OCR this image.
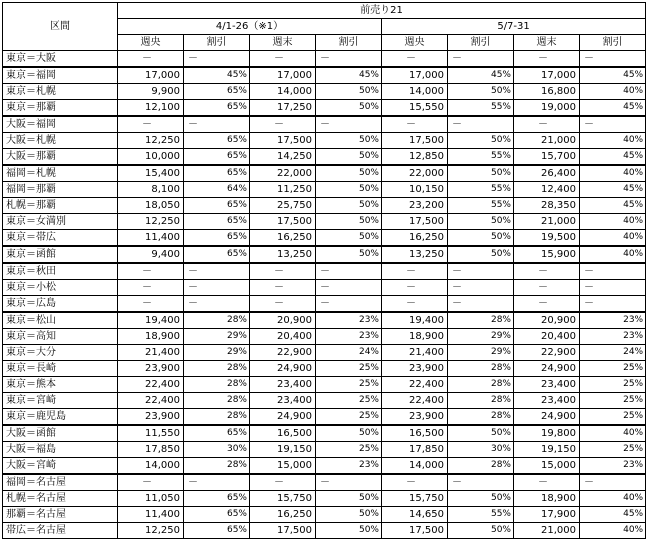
区間	前売り21							
	4/1-26（※1）				5/7-31			
	週央	割引	週末	割引	週央	割引	週末	割引
東京＝大阪	－	－	－	－	－	－	－	－
東京＝福岡	17,000	45%	17,000	45%	17,000	45%	17,000	45%
東京＝札幌	9,900	65%	14,000	50%	14,000	50%	16,800	40%
東京＝那覇	12,100	65%	17,250	50%	15,550	55%	19,000	45%
大阪＝福岡	－	－	－	－	－	－	－	－
大阪＝札幌	12,250	65%	17,500	50%	17,500	50%	21,000	40%
大阪＝那覇	10,000	65%	14,250	50%	12,850	55%	15,700	45%
福岡＝札幌	15,400	65%	22,000	50%	22,000	50%	26,400	40%
福岡＝那覇	8,100	64%	11,250	50%	10,150	55%	12,400	45%
札幌＝那覇	18,050	65%	25,750	50%	23,200	55%	28,350	45%
東京＝女満別	12,250	65%	17,500	50%	17,500	50%	21,000	40%
東京＝帯広	11,400	65%	16,250	50%	16,250	50%	19,500	40%
東京＝函館	9,400	65%	13,250	50%	13,250	50%	15,900	40%
東京＝秋田	－	－	－	－	－	－	－	－
東京＝小松	－	－	－	－	－	－	－	－
東京＝広島	－	－	－	－	－	－	－	－
東京＝松山	19,400	28%	20,900	23%	19,400	28%	20,900	23%
東京＝高知	18,900	29%	20,400	23%	18,900	29%	20,400	23%
東京＝大分	21,400	29%	22,900	24%	21,400	29%	22,900	24%
東京＝長崎	23,900	28%	24,900	25%	23,900	28%	24,900	25%
東京＝熊本	22,400	28%	23,400	25%	22,400	28%	23,400	25%
東京＝宮崎	22,400	28%	23,400	25%	22,400	28%	23,400	25%
東京＝鹿児島	23,900	28%	24,900	25%	23,900	28%	24,900	25%
大阪＝函館	11,550	65%	16,500	50%	16,500	50%	19,800	40%
大阪＝福島	17,850	30%	19,150	25%	17,850	30%	19,150	25%
大阪＝宮崎	14,000	28%	15,000	23%	14,000	28%	15,000	23%
福岡＝名古屋	－	－	－	－	－	－	－	－
札幌＝名古屋	11,050	65%	15,750	50%	15,750	50%	18,900	40%
那覇＝名古屋	11,400	65%	16,250	50%	14,650	55%	17,900	45%
帯広＝名古屋	12,250	65%	17,500	50%	17,500	50%	21,000	40%
